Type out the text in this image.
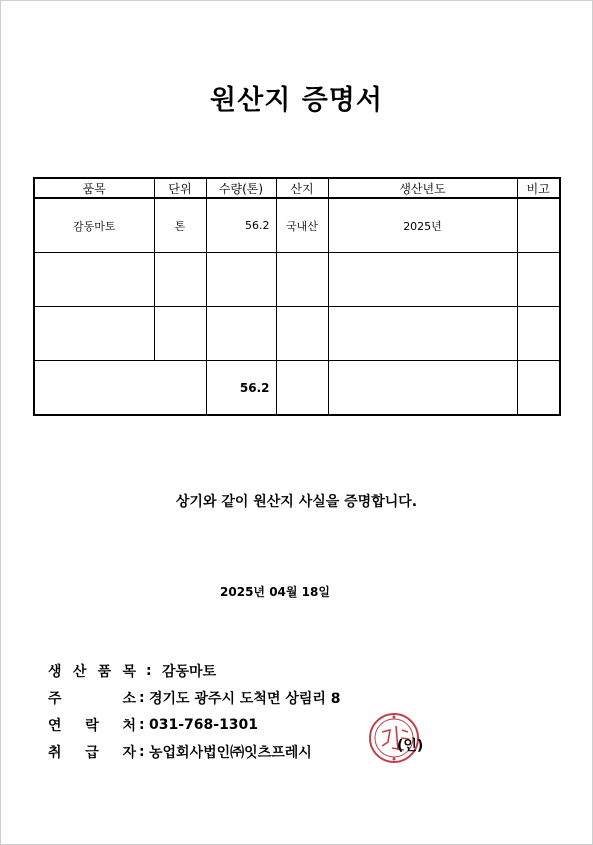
원산지 증명서
품목	단위	수량(톤)	산지	생산년도	비고
감동마토	톤	56.2	국내산	2025년	

		56.2			
상기와 같이 원산지 사실을 증명합니다.
2025년 04월 18일
생 산 품 목 : 감동마토
주	소 : 경기도 광주시 도척면 상림리 8
연 락 처 : 031-768-1301
취 급 자 : 농업회사법인㈜잇츠프레시	(인)
